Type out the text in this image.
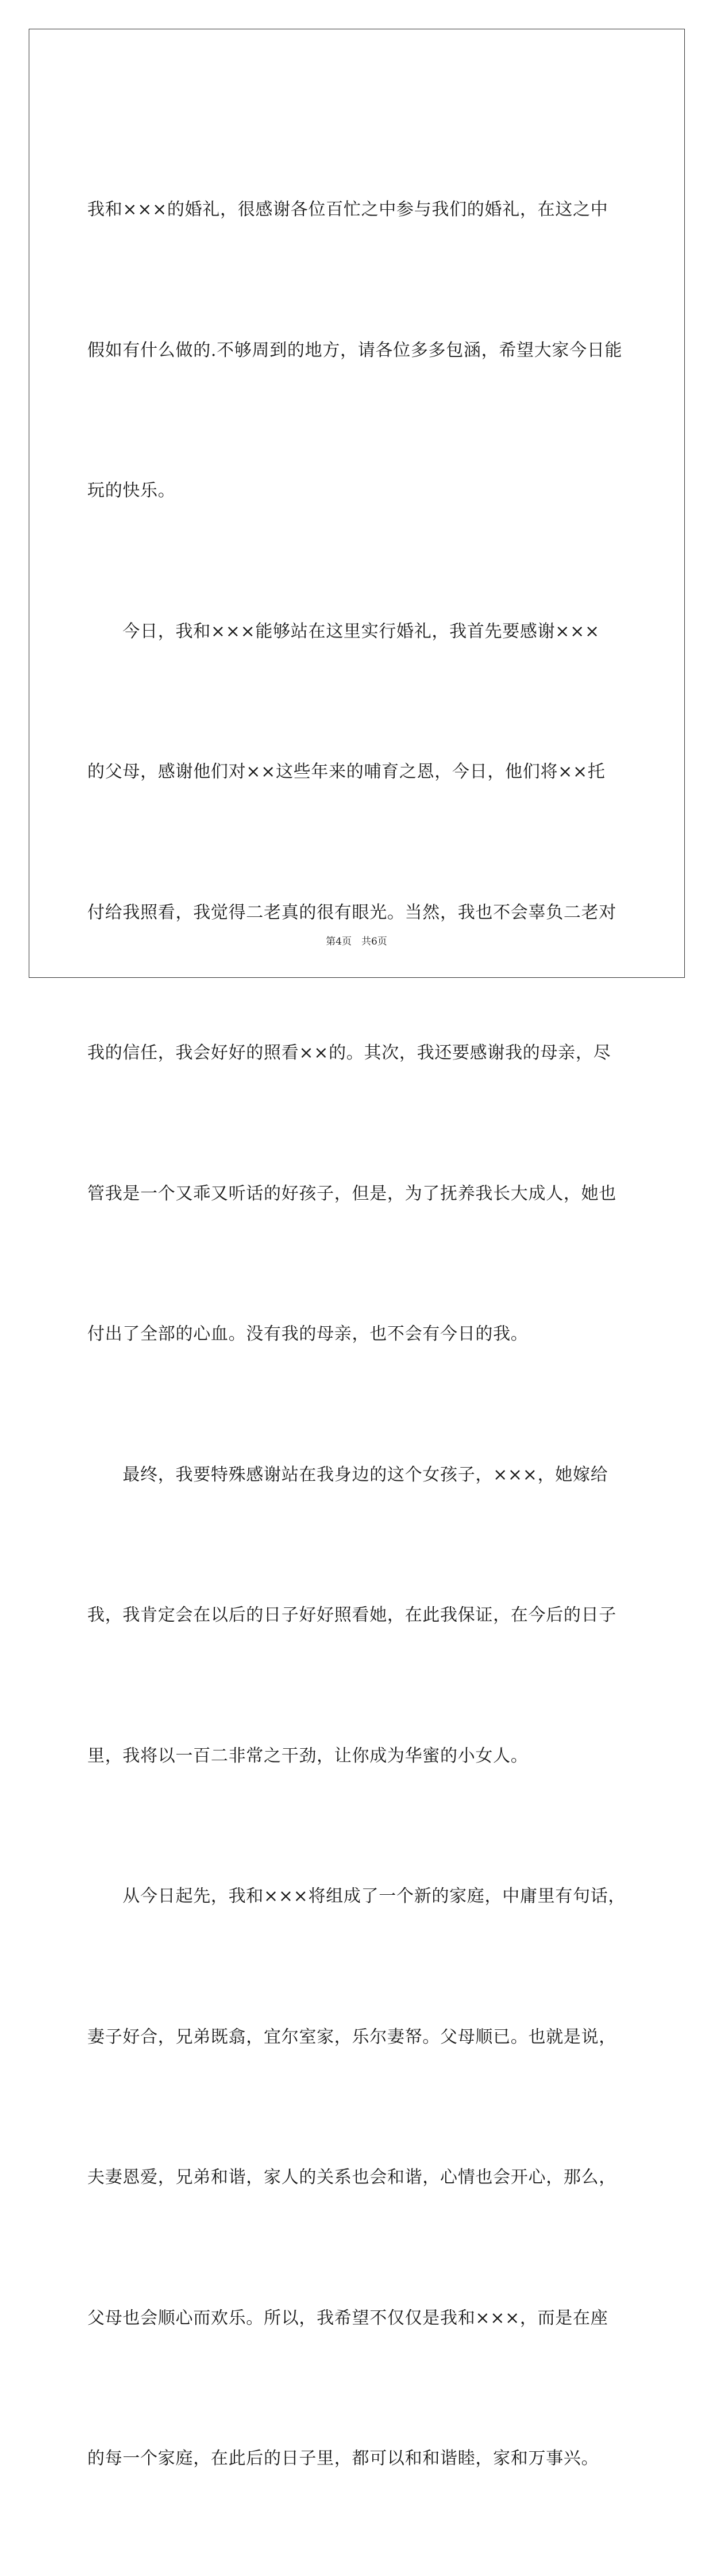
我和×××的婚礼，很感谢各位百忙之中参与我们的婚礼，在这之中

假如有什么做的.不够周到的地方，请各位多多包涵，希望大家今日能

玩的快乐。

　　今日，我和×××能够站在这里实行婚礼，我首先要感谢×××

的父母，感谢他们对××这些年来的哺育之恩，今日，他们将××托

付给我照看，我觉得二老真的很有眼光。当然，我也不会辜负二老对

我的信任，我会好好的照看××的。其次，我还要感谢我的母亲，尽

管我是一个又乖又听话的好孩子，但是，为了抚养我长大成人，她也

付出了全部的心血。没有我的母亲，也不会有今日的我。

　　最终，我要特殊感谢站在我身边的这个女孩子，×××，她嫁给

我，我肯定会在以后的日子好好照看她，在此我保证，在今后的日子

里，我将以一百二非常之干劲，让你成为华蜜的小女人。

　　从今日起先，我和×××将组成了一个新的家庭，中庸里有句话，

妻子好合，兄弟既翕，宜尔室家，乐尔妻帑。父母顺已。也就是说，

夫妻恩爱，兄弟和谐，家人的关系也会和谐，心情也会开心，那么，

父母也会顺心而欢乐。所以，我希望不仅仅是我和×××，而是在座

的每一个家庭，在此后的日子里，都可以和和谐睦，家和万事兴。

第4页　共6页
